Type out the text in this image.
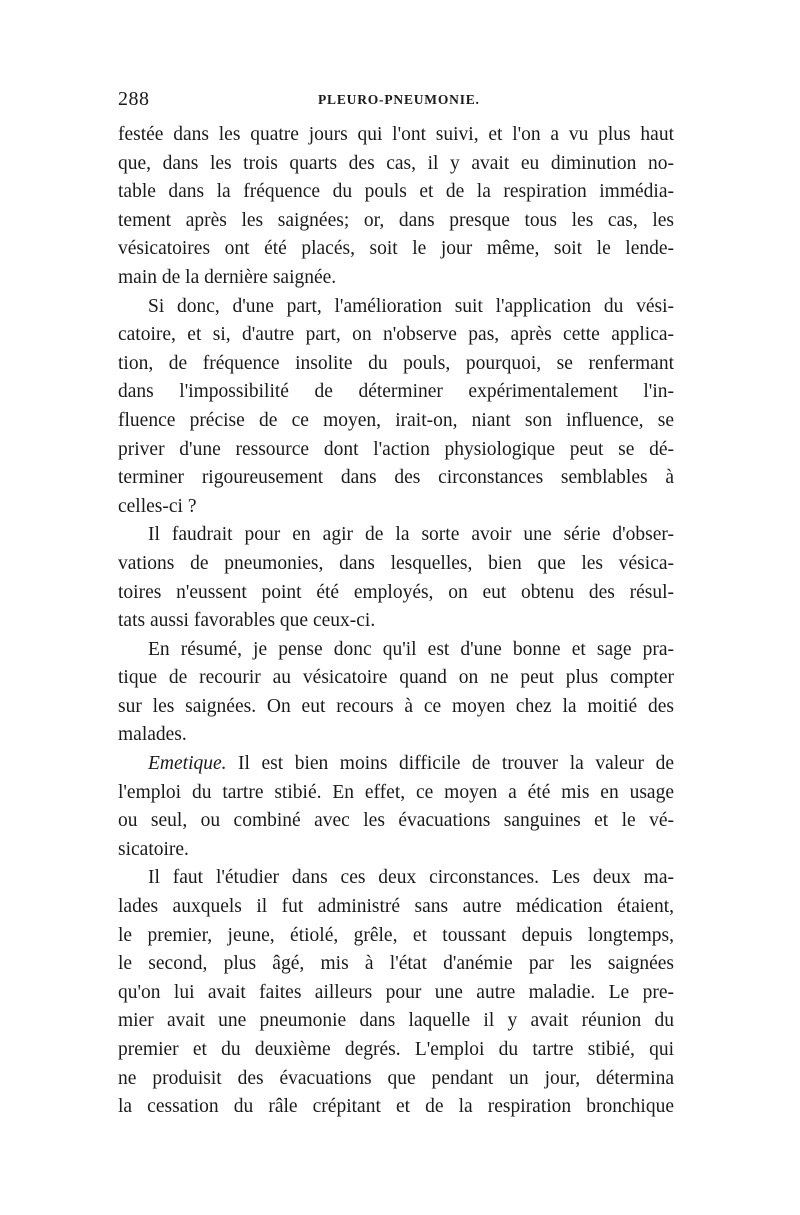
288	PLEURO-PNEUMONIE.
festée dans les quatre jours qui l'ont suivi, et l'on a vu plus haut
que, dans les trois quarts des cas, il y avait eu diminution no-
table dans la fréquence du pouls et de la respiration immédia-
tement après les saignées; or, dans presque tous les cas, les
vésicatoires ont été placés, soit le jour même, soit le lende-
main de la dernière saignée.
Si donc, d'une part, l'amélioration suit l'application du vési-
catoire, et si, d'autre part, on n'observe pas, après cette applica-
tion, de fréquence insolite du pouls, pourquoi, se renfermant
dans l'impossibilité de déterminer expérimentalement l'in-
fluence précise de ce moyen, irait-on, niant son influence, se
priver d'une ressource dont l'action physiologique peut se dé-
terminer rigoureusement dans des circonstances semblables à
celles-ci ?
Il faudrait pour en agir de la sorte avoir une série d'obser-
vations de pneumonies, dans lesquelles, bien que les vésica-
toires n'eussent point été employés, on eut obtenu des résul-
tats aussi favorables que ceux-ci.
En résumé, je pense donc qu'il est d'une bonne et sage pra-
tique de recourir au vésicatoire quand on ne peut plus compter
sur les saignées. On eut recours à ce moyen chez la moitié des
malades.
Emetique. Il est bien moins difficile de trouver la valeur de
l'emploi du tartre stibié. En effet, ce moyen a été mis en usage
ou seul, ou combiné avec les évacuations sanguines et le vé-
sicatoire.
Il faut l'étudier dans ces deux circonstances. Les deux ma-
lades auxquels il fut administré sans autre médication étaient,
le premier, jeune, étiolé, grêle, et toussant depuis longtemps,
le second, plus âgé, mis à l'état d'anémie par les saignées
qu'on lui avait faites ailleurs pour une autre maladie. Le pre-
mier avait une pneumonie dans laquelle il y avait réunion du
premier et du deuxième degrés. L'emploi du tartre stibié, qui
ne produisit des évacuations que pendant un jour, détermina
la cessation du râle crépitant et de la respiration bronchique
